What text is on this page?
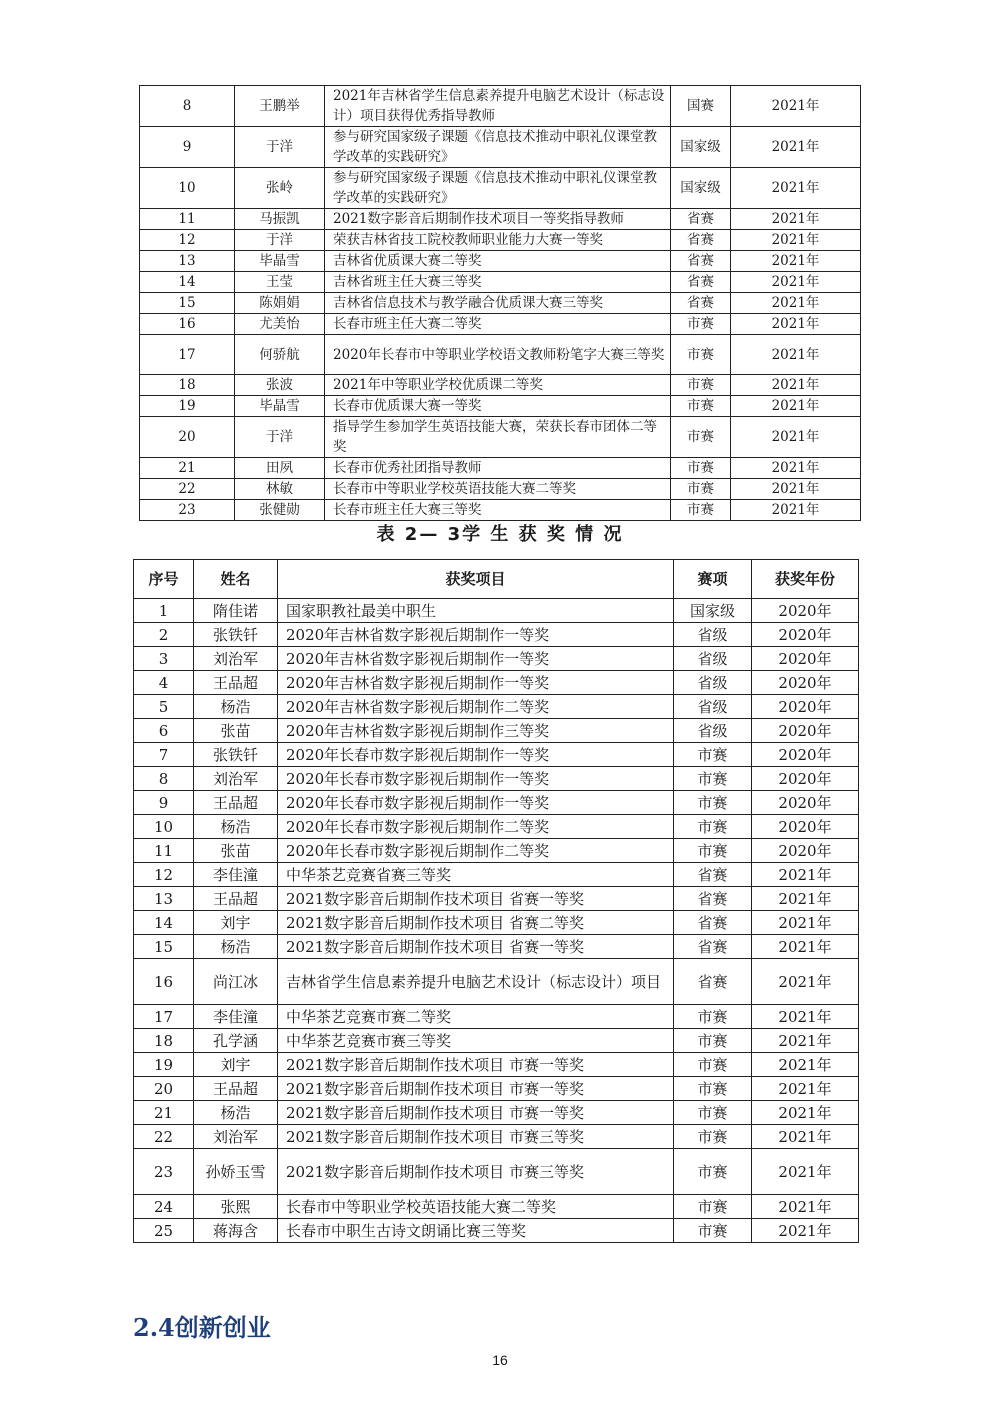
8	王鹏举	2021年吉林省学生信息素养提升电脑艺术设计（标志设计）项目获得优秀指导教师	国赛	2021年
9	于洋	参与研究国家级子课题《信息技术推动中职礼仪课堂教学改革的实践研究》	国家级	2021年
10	张岭	参与研究国家级子课题《信息技术推动中职礼仪课堂教学改革的实践研究》	国家级	2021年
11	马振凯	2021数字影音后期制作技术项目一等奖指导教师	省赛	2021年
12	于洋	荣获吉林省技工院校教师职业能力大赛一等奖	省赛	2021年
13	毕晶雪	吉林省优质课大赛二等奖	省赛	2021年
14	王莹	吉林省班主任大赛三等奖	省赛	2021年
15	陈娟娟	吉林省信息技术与教学融合优质课大赛三等奖	省赛	2021年
16	尤美怡	长春市班主任大赛二等奖	市赛	2021年
17	何骄航	2020年长春市中等职业学校语文教师粉笔字大赛三等奖	市赛	2021年
18	张波	2021年中等职业学校优质课二等奖	市赛	2021年
19	毕晶雪	长春市优质课大赛一等奖	市赛	2021年
20	于洋	指导学生参加学生英语技能大赛，荣获长春市团体二等奖	市赛	2021年
21	田夙	长春市优秀社团指导教师	市赛	2021年
22	林敏	长春市中等职业学校英语技能大赛二等奖	市赛	2021年
23	张健勋	长春市班主任大赛三等奖	市赛	2021年
表 2— 3学 生 获 奖 情 况
序号	姓名	获奖项目	赛项	获奖年份
1	隋佳诺	国家职教社最美中职生	国家级	2020年
2	张铁钎	2020年吉林省数字影视后期制作一等奖	省级	2020年
3	刘治军	2020年吉林省数字影视后期制作一等奖	省级	2020年
4	王品超	2020年吉林省数字影视后期制作一等奖	省级	2020年
5	杨浩	2020年吉林省数字影视后期制作二等奖	省级	2020年
6	张苗	2020年吉林省数字影视后期制作三等奖	省级	2020年
7	张铁钎	2020年长春市数字影视后期制作一等奖	市赛	2020年
8	刘治军	2020年长春市数字影视后期制作一等奖	市赛	2020年
9	王品超	2020年长春市数字影视后期制作一等奖	市赛	2020年
10	杨浩	2020年长春市数字影视后期制作二等奖	市赛	2020年
11	张苗	2020年长春市数字影视后期制作二等奖	市赛	2020年
12	李佳潼	中华茶艺竞赛省赛三等奖	省赛	2021年
13	王品超	2021数字影音后期制作技术项目 省赛一等奖	省赛	2021年
14	刘宇	2021数字影音后期制作技术项目 省赛二等奖	省赛	2021年
15	杨浩	2021数字影音后期制作技术项目 省赛一等奖	省赛	2021年
16	尚江冰	吉林省学生信息素养提升电脑艺术设计（标志设计）项目	省赛	2021年
17	李佳潼	中华茶艺竞赛市赛二等奖	市赛	2021年
18	孔学涵	中华茶艺竞赛市赛三等奖	市赛	2021年
19	刘宇	2021数字影音后期制作技术项目 市赛一等奖	市赛	2021年
20	王品超	2021数字影音后期制作技术项目 市赛一等奖	市赛	2021年
21	杨浩	2021数字影音后期制作技术项目 市赛一等奖	市赛	2021年
22	刘治军	2021数字影音后期制作技术项目 市赛三等奖	市赛	2021年
23	孙娇玉雪	2021数字影音后期制作技术项目 市赛三等奖	市赛	2021年
24	张熙	长春市中等职业学校英语技能大赛二等奖	市赛	2021年
25	蒋海含	长春市中职生古诗文朗诵比赛三等奖	市赛	2021年
2.4创新创业
16
